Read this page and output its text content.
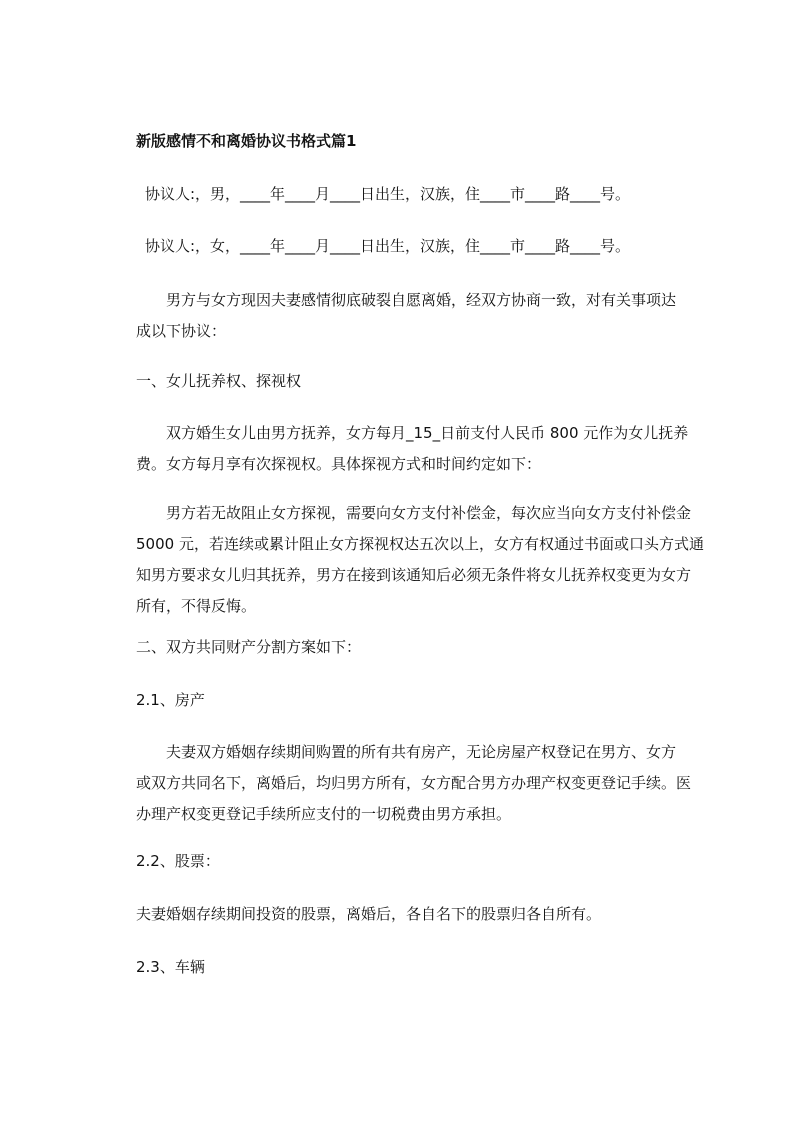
新版感情不和离婚协议书格式篇1
协议人:，男，____年____月____日出生，汉族，住____市____路____号。
协议人:，女，____年____月____日出生，汉族，住____市____路____号。
男方与女方现因夫妻感情彻底破裂自愿离婚，经双方协商一致，对有关事项达
成以下协议：
一、女儿抚养权、探视权
双方婚生女儿由男方抚养，女方每月_15_日前支付人民币 800 元作为女儿抚养
费。女方每月享有次探视权。具体探视方式和时间约定如下：
男方若无故阻止女方探视，需要向女方支付补偿金，每次应当向女方支付补偿金
5000 元，若连续或累计阻止女方探视权达五次以上，女方有权通过书面或口头方式通
知男方要求女儿归其抚养，男方在接到该通知后必须无条件将女儿抚养权变更为女方
所有，不得反悔。
二、双方共同财产分割方案如下：
2.1、房产
夫妻双方婚姻存续期间购置的所有共有房产，无论房屋产权登记在男方、女方
或双方共同名下，离婚后，均归男方所有，女方配合男方办理产权变更登记手续。医
办理产权变更登记手续所应支付的一切税费由男方承担。
2.2、股票：
夫妻婚姻存续期间投资的股票，离婚后，各自名下的股票归各自所有。
2.3、车辆
